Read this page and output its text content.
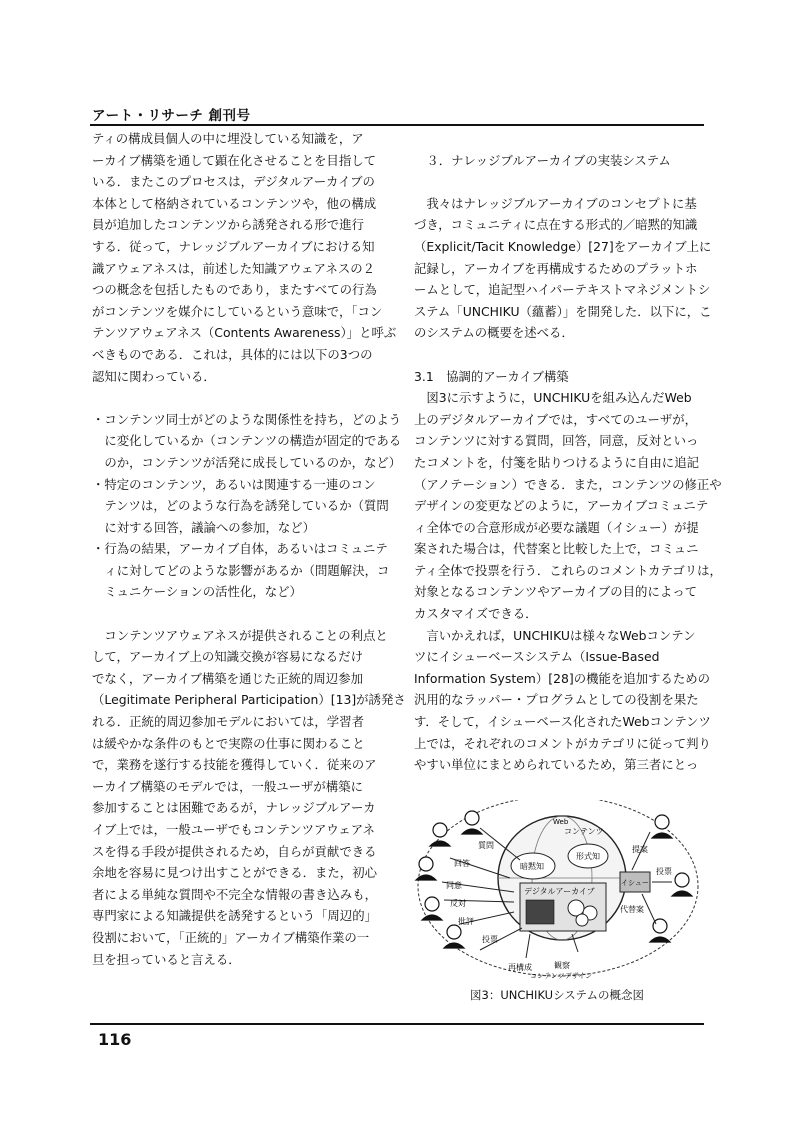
アート・リサーチ 創刊号

ティの構成員個人の中に埋没している知識を，ア

ーカイブ構築を通して顕在化させることを目指して

いる．またこのプロセスは，デジタルアーカイブの

本体として格納されているコンテンツや，他の構成

員が追加したコンテンツから誘発される形で進行

する．従って，ナレッジブルアーカイブにおける知

識アウェアネスは，前述した知識アウェアネスの２

つの概念を包括したものであり，またすべての行為

がコンテンツを媒介にしているという意味で，「コン

テンツアウェアネス（Contents Awareness）」と呼ぶ

べきものである．これは，具体的には以下の3つの

認知に関わっている．

・コンテンツ同士がどのような関係性を持ち，どのよう

　に変化しているか（コンテンツの構造が固定的である

　のか，コンテンツが活発に成長しているのか，など）

・特定のコンテンツ，あるいは関連する一連のコン

　テンツは，どのような行為を誘発しているか（質問

　に対する回答，議論への参加，など）

・行為の結果，アーカイブ自体，あるいはコミュニテ

　ィに対してどのような影響があるか（問題解決，コ

　ミュニケーションの活性化，など）

　コンテンツアウェアネスが提供されることの利点と

して，アーカイブ上の知識交換が容易になるだけ

でなく，アーカイブ構築を通じた正統的周辺参加

（Legitimate Peripheral Participation）[13]が誘発さ

れる．正統的周辺参加モデルにおいては，学習者

は緩やかな条件のもとで実際の仕事に関わること

で，業務を遂行する技能を獲得していく．従来のア

ーカイブ構築のモデルでは，一般ユーザが構築に

参加することは困難であるが，ナレッジブルアーカ

イブ上では，一般ユーザでもコンテンツアウェアネ

スを得る手段が提供されるため，自らが貢献できる

余地を容易に見つけ出すことができる．また，初心

者による単純な質問や不完全な情報の書き込みも，

専門家による知識提供を誘発するという「周辺的」

役割において，「正統的」アーカイブ構築作業の一

旦を担っていると言える．

　３．ナレッジブルアーカイブの実装システム

　我々はナレッジブルアーカイブのコンセプトに基

づき，コミュニティに点在する形式的／暗黙的知識

（Explicit/Tacit Knowledge）[27]をアーカイブ上に

記録し，アーカイブを再構成するためのプラットホ

ームとして，追記型ハイパーテキストマネジメントシ

ステム「UNCHIKU（蘊蓄）」を開発した．以下に，こ

のシステムの概要を述べる．

3.1　協調的アーカイブ構築

　図3に示すように，UNCHIKUを組み込んだWeb

上のデジタルアーカイブでは，すべてのユーザが，

コンテンツに対する質問，回答，同意，反対といっ

たコメントを，付箋を貼りつけるように自由に追記

（アノテーション）できる．また，コンテンツの修正や

デザインの変更などのように，アーカイブコミュニテ

ィ全体での合意形成が必要な議題（イシュー）が提

案された場合は，代替案と比較した上で，コミュニ

ティ全体で投票を行う．これらのコメントカテゴリは，

対象となるコンテンツやアーカイブの目的によって

カスタマイズできる．

　言いかえれば，UNCHIKUは様々なWebコンテン

ツにイシューベースシステム（Issue-Based

Information System）[28]の機能を追加するための

汎用的なラッパー・プログラムとしての役割を果た

す．そして，イシューベース化されたWebコンテンツ

上では，それぞれのコメントがカテゴリに従って判り

やすい単位にまとめられているため，第三者にとっ

Web
コンテンツ
暗黙知
形式知
デジタルアーカイブ
質問
回答
同意
反対
批評
投票
再構成	観察
コンテンツデザイン
提案
イシュー
投票
代替案
図3：UNCHIKUシステムの概念図
116
